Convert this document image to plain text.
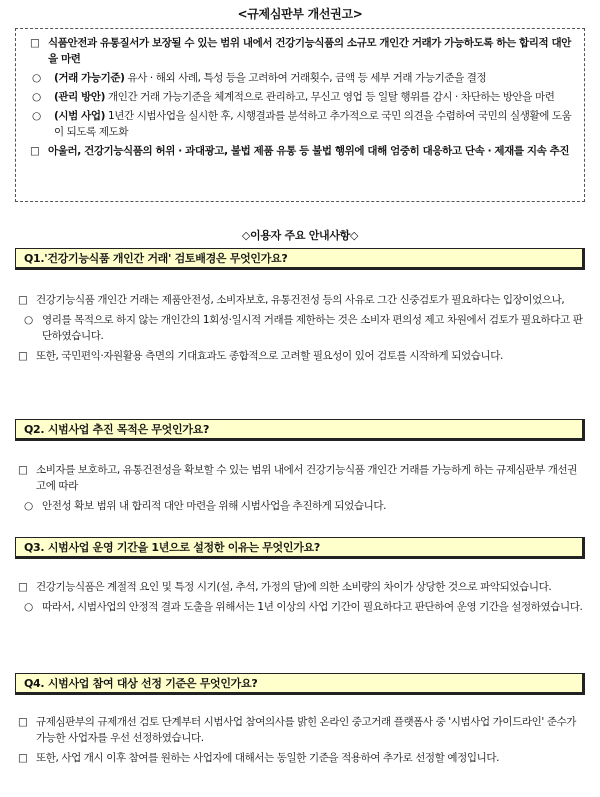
<규제심판부 개선권고>
□ 식품안전과 유통질서가 보장될 수 있는 범위 내에서 건강기능식품의 소규모 개인간 거래가 가능하도록 하는 합리적 대안을 마련
○	(거래 가능기준) 유사 · 해외 사례, 특성 등을 고려하여 거래횟수, 금액 등 세부 거래 가능기준을 결정
○	(관리 방안) 개인간 거래 가능기준을 체계적으로 관리하고, 무신고 영업 등 일탈 행위를 감시 · 차단하는 방안을 마련
○	(시범 사업) 1년간 시범사업을 실시한 후, 시행결과를 분석하고 추가적으로 국민 의견을 수렴하여 국민의 실생활에 도움이 되도록 제도화
□ 아울러, 건강기능식품의 허위 · 과대광고, 불법 제품 유통 등 불법 행위에 대해 엄중히 대응하고 단속 · 제재를 지속 추진
◇이용자 주요 안내사항◇
Q1.'건강기능식품 개인간 거래' 검토배경은 무엇인가요?
□ 건강기능식품 개인간 거래는 제품안전성, 소비자보호, 유통건전성 등의 사유로 그간 신중검토가 필요하다는 입장이었으나,
○ 영리를 목적으로 하지 않는 개인간의 1회성·일시적 거래를 제한하는 것은 소비자 편의성 제고 차원에서 검토가 필요하다고 판단하였습니다.
□ 또한, 국민편익·자원활용 측면의 기대효과도 종합적으로 고려할 필요성이 있어 검토를 시작하게 되었습니다.
Q2. 시범사업 추진 목적은 무엇인가요?
□ 소비자를 보호하고, 유통건전성을 확보할 수 있는 범위 내에서 건강기능식품 개인간 거래를 가능하게 하는 규제심판부 개선권고에 따라
○ 안전성 확보 범위 내 합리적 대안 마련을 위해 시범사업을 추진하게 되었습니다.
Q3. 시범사업 운영 기간을 1년으로 설정한 이유는 무엇인가요?
□ 건강기능식품은 계절적 요인 및 특정 시기(설, 추석, 가정의 달)에 의한 소비량의 차이가 상당한 것으로 파악되었습니다.
○ 따라서, 시범사업의 안정적 결과 도출을 위해서는 1년 이상의 사업 기간이 필요하다고 판단하여 운영 기간을 설정하였습니다.
Q4. 시범사업 참여 대상 선정 기준은 무엇인가요?
□ 규제심판부의 규제개선 검토 단계부터 시범사업 참여의사를 밝힌 온라인 중고거래 플랫폼사 중 '시범사업 가이드라인' 준수가 가능한 사업자를 우선 선정하였습니다.
□ 또한, 사업 개시 이후 참여를 원하는 사업자에 대해서는 동일한 기준을 적용하여 추가로 선정할 예정입니다.
